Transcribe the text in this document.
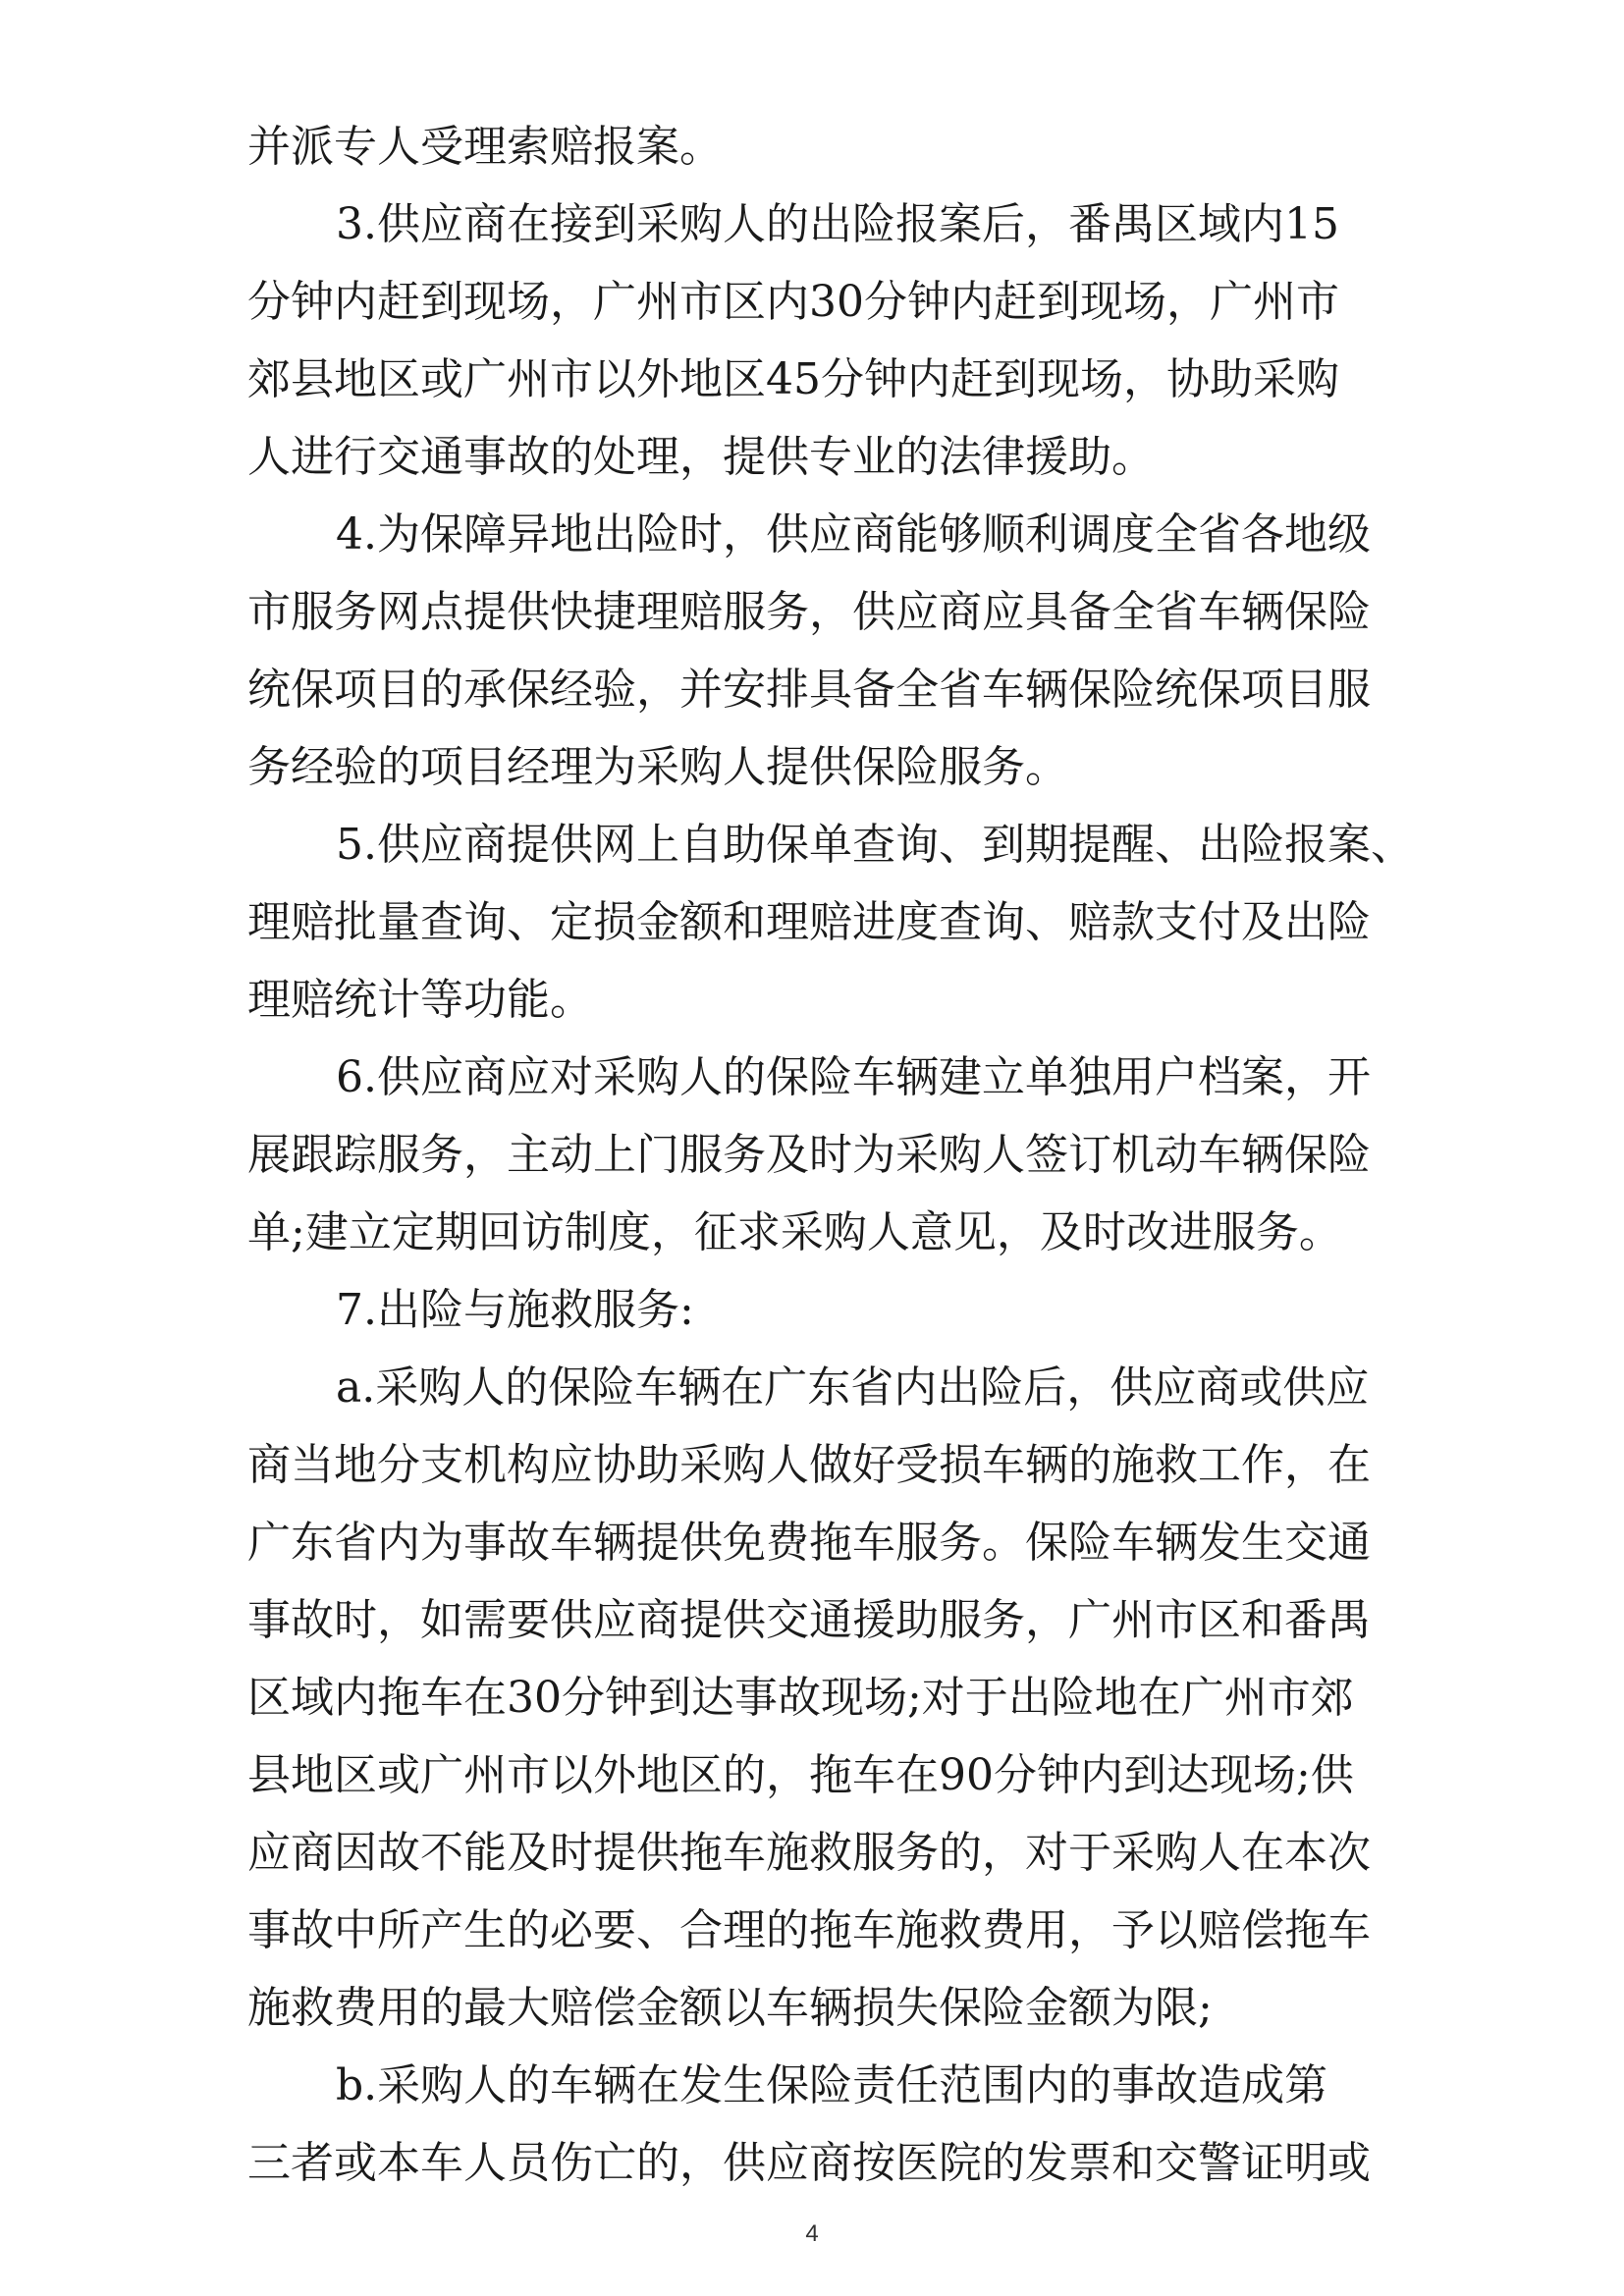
并派专人受理索赔报案。
3.供应商在接到采购人的出险报案后，番禺区域内15
分钟内赶到现场，广州市区内30分钟内赶到现场，广州市
郊县地区或广州市以外地区45分钟内赶到现场，协助采购
人进行交通事故的处理，提供专业的法律援助。
4.为保障异地出险时，供应商能够顺利调度全省各地级
市服务网点提供快捷理赔服务，供应商应具备全省车辆保险
统保项目的承保经验，并安排具备全省车辆保险统保项目服
务经验的项目经理为采购人提供保险服务。
5.供应商提供网上自助保单查询、到期提醒、出险报案、
理赔批量查询、定损金额和理赔进度查询、赔款支付及出险
理赔统计等功能。
6.供应商应对采购人的保险车辆建立单独用户档案，开
展跟踪服务，主动上门服务及时为采购人签订机动车辆保险
单;建立定期回访制度，征求采购人意见，及时改进服务。
7.出险与施救服务:
a.采购人的保险车辆在广东省内出险后，供应商或供应
商当地分支机构应协助采购人做好受损车辆的施救工作，在
广东省内为事故车辆提供免费拖车服务。保险车辆发生交通
事故时，如需要供应商提供交通援助服务，广州市区和番禺
区域内拖车在30分钟到达事故现场;对于出险地在广州市郊
县地区或广州市以外地区的，拖车在90分钟内到达现场;供
应商因故不能及时提供拖车施救服务的，对于采购人在本次
事故中所产生的必要、合理的拖车施救费用，予以赔偿拖车
施救费用的最大赔偿金额以车辆损失保险金额为限;
b.采购人的车辆在发生保险责任范围内的事故造成第
三者或本车人员伤亡的，供应商按医院的发票和交警证明或
4
